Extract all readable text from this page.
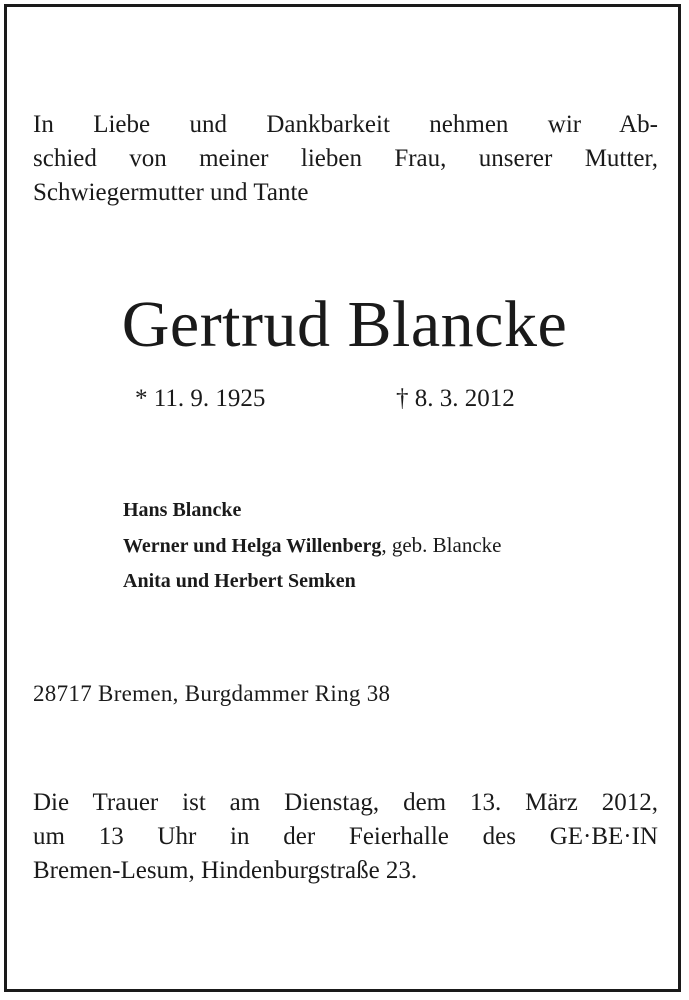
In Liebe und Dankbarkeit nehmen wir Ab-
schied von meiner lieben Frau, unserer Mutter,
Schwiegermutter und Tante
Gertrud Blancke
* 11. 9. 1925	† 8. 3. 2012
Hans Blancke
Werner und Helga Willenberg, geb. Blancke
Anita und Herbert Semken
28717 Bremen, Burgdammer Ring 38
Die Trauer ist am Dienstag, dem 13. März 2012,
um 13 Uhr in der Feierhalle des GE·BE·IN
Bremen-Lesum, Hindenburgstraße 23.
